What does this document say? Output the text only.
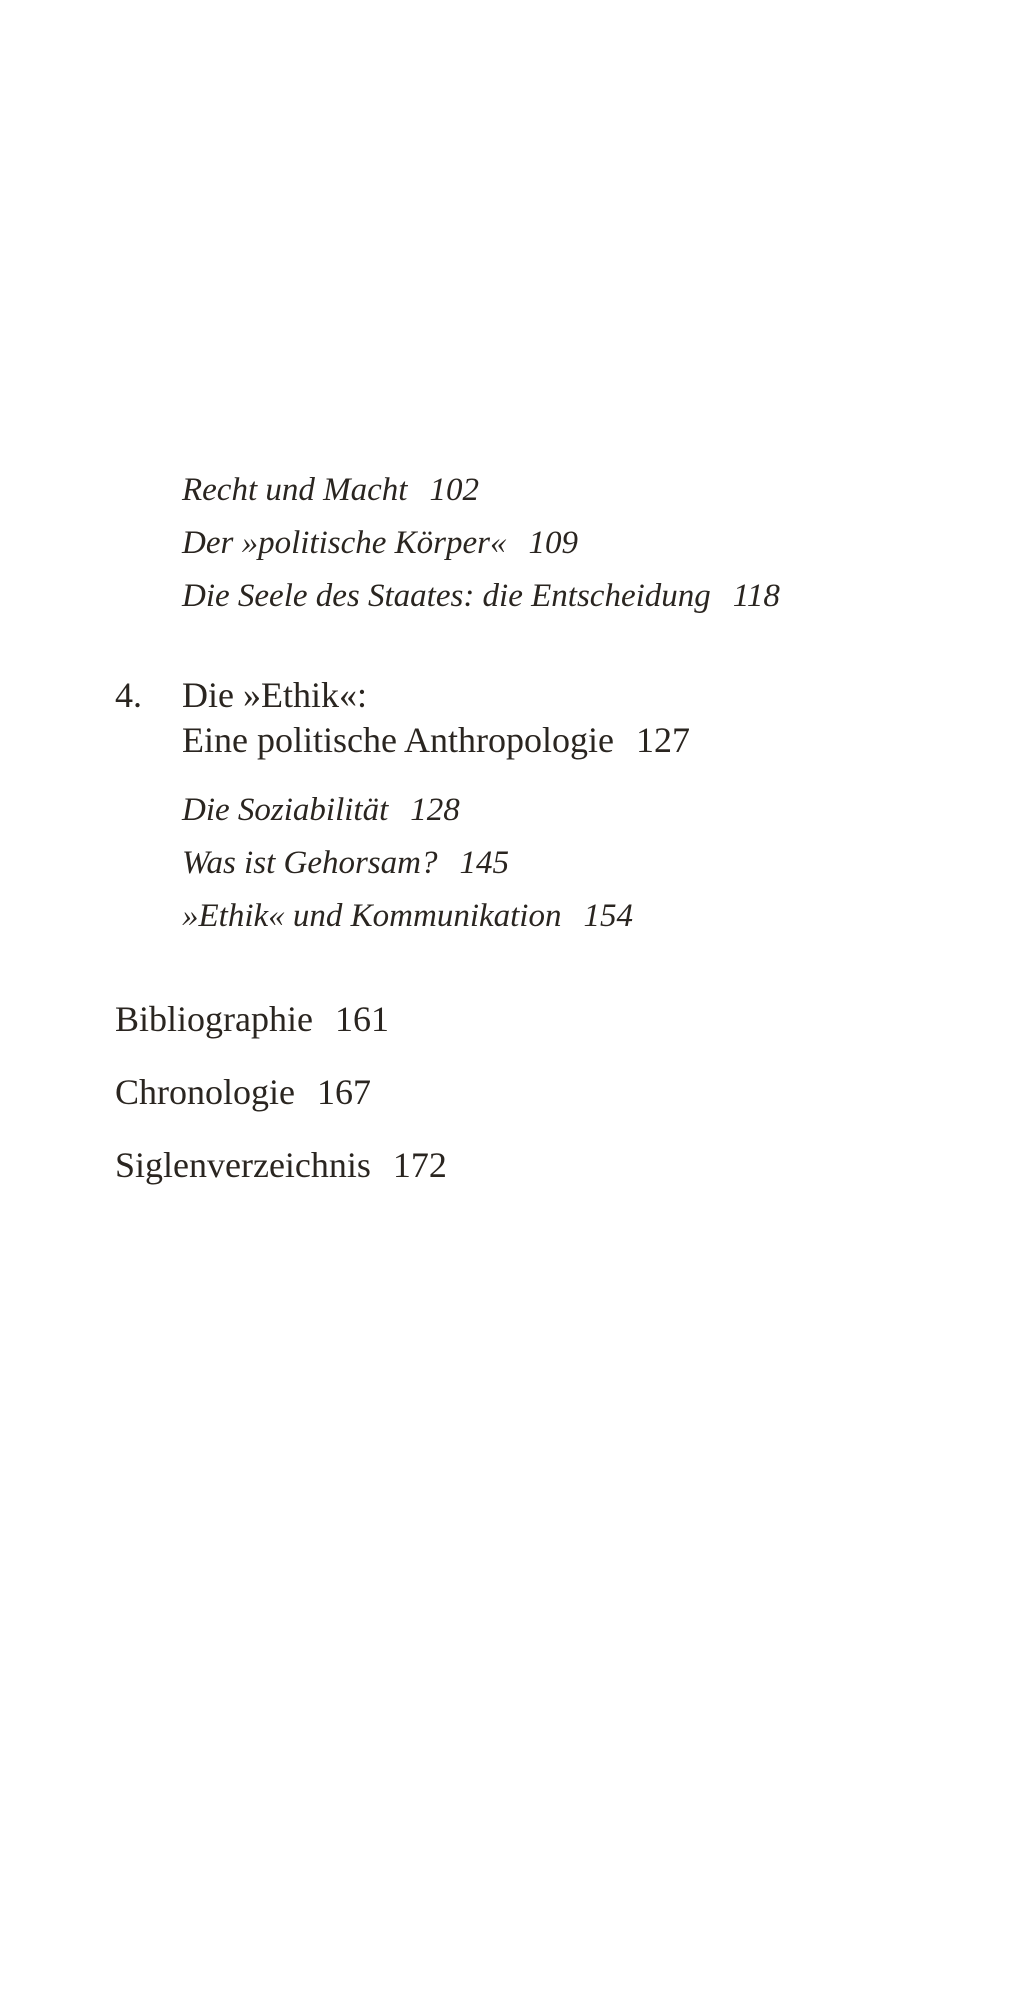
Recht und Macht 102
Der »politische Körper« 109
Die Seele des Staates: die Entscheidung 118
4. Die »Ethik«:
Eine politische Anthropologie 127
Die Soziabilität 128
Was ist Gehorsam? 145
»Ethik« und Kommunikation 154
Bibliographie 161
Chronologie 167
Siglenverzeichnis 172
